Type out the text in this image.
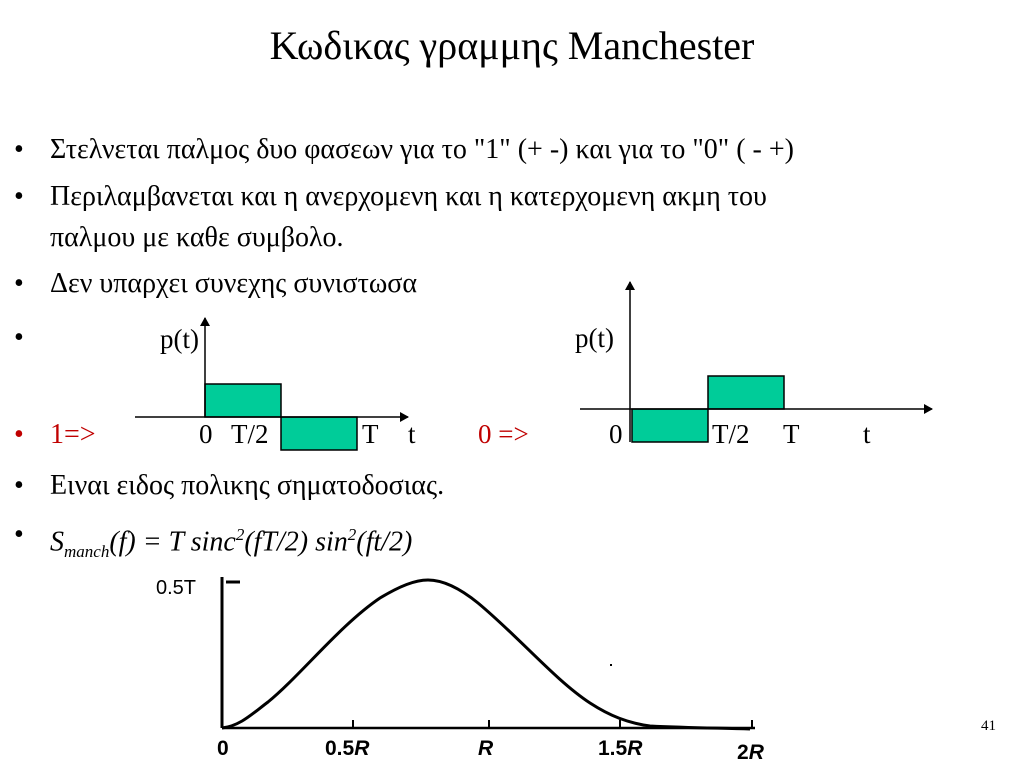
Κωδικας γραμμης Manchester
• Στελνεται παλμος δυο φασεων για το "1" (+ -) και για το "0" ( - +)
• Περιλαμβανεται και η ανερχομενη και η κατερχομενη ακμη του
παλμου με καθε συμβολο.
• Δεν υπαρχει συνεχης συνιστωσα
•
• 1=>	0 =>
p(t)
0 T/2	T t
p(t)
0	T/2 T t
• Ειναι ειδος πολικης σηματοδοσιας.
• $S_{manch}(f) = T$ sinc$^2$(fT/2) $\sin^2(ft/2)$
0.5T
0	0.5R	R	1.5R	2R
41
